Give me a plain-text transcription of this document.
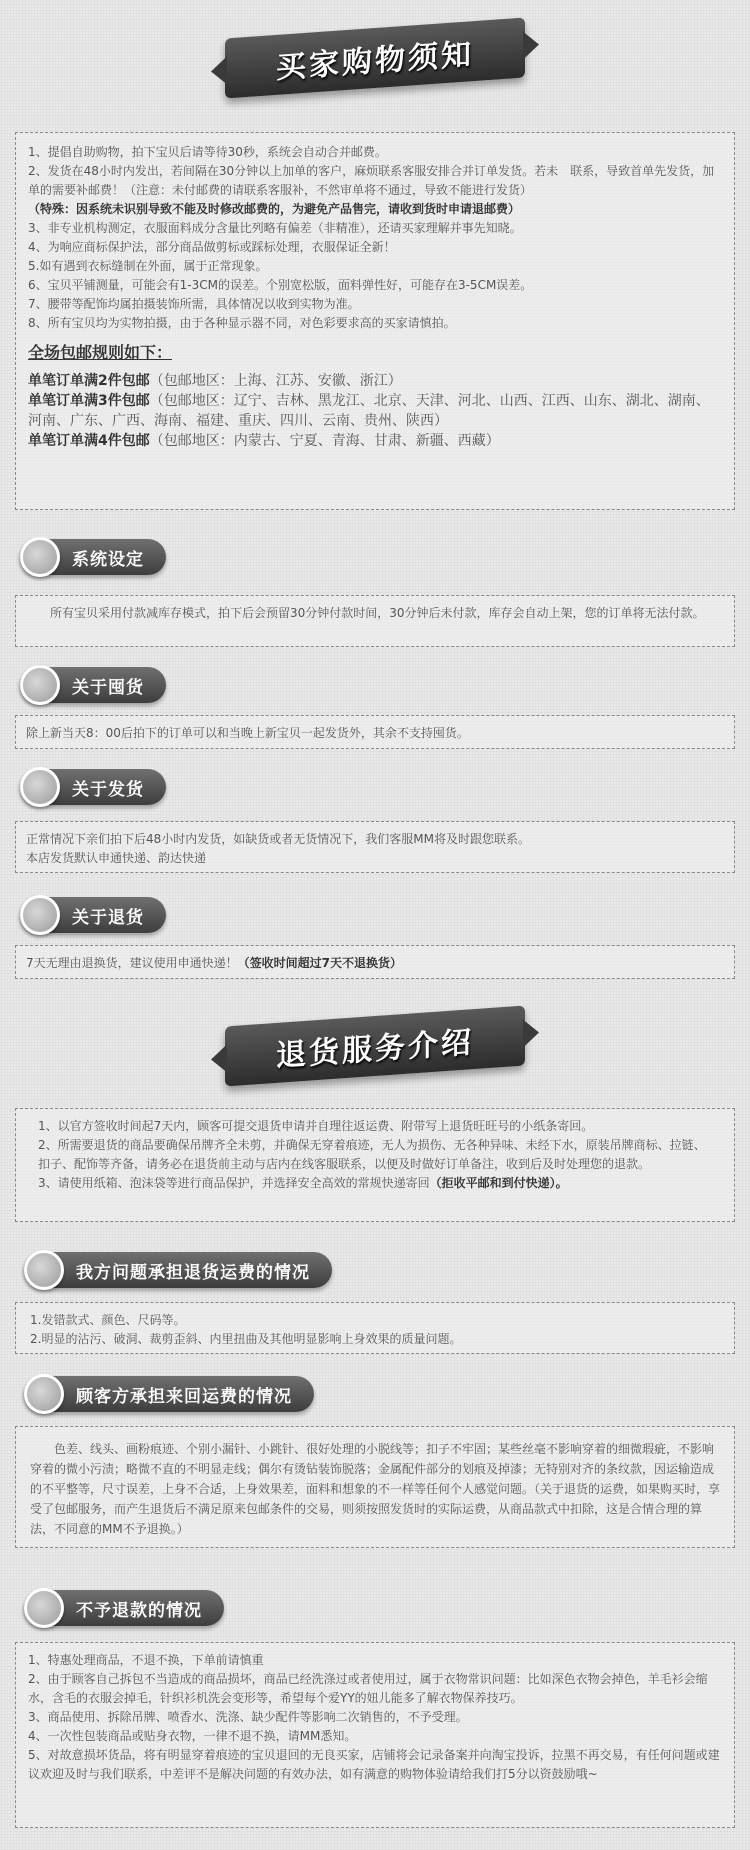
买家购物须知

1、提倡自助购物，拍下宝贝后请等待30秒，系统会自动合并邮费。

2、发货在48小时内发出，若间隔在30分钟以上加单的客户，麻烦联系客服安排合并订单发货。若未　联系，导致首单先发货，加单的需要补邮费！（注意：未付邮费的请联系客服补，不然审单将不通过，导致不能进行发货）

（特殊：因系统未识别导致不能及时修改邮费的，为避免产品售完，请收到货时申请退邮费）

3、非专业机构测定，衣服面料成分含量比列略有偏差（非精准），还请买家理解并事先知晓。

4、为响应商标保护法，部分商品做剪标或踩标处理，衣服保证全新！

5.如有遇到衣标缝制在外面，属于正常现象。

6、宝贝平铺测量，可能会有1-3CM的误差。个别宽松版，面料弹性好，可能存在3-5CM误差。

7、腰带等配饰均属拍摄装饰所需，具体情况以收到实物为准。

8、所有宝贝均为实物拍摄，由于各种显示器不同，对色彩要求高的买家请慎拍。

全场包邮规则如下：

单笔订单满2件包邮（包邮地区：上海、江苏、安徽、浙江）

单笔订单满3件包邮（包邮地区：辽宁、吉林、黑龙江、北京、天津、河北、山西、江西、山东、湖北、湖南、河南、广东、广西、海南、福建、重庆、四川、云南、贵州、陕西）

单笔订单满4件包邮（包邮地区：内蒙古、宁夏、青海、甘肃、新疆、西藏）

系统设定

所有宝贝采用付款减库存模式，拍下后会预留30分钟付款时间，30分钟后未付款，库存会自动上架，您的订单将无法付款。

关于囤货

除上新当天8：00后拍下的订单可以和当晚上新宝贝一起发货外，其余不支持囤货。

关于发货

正常情况下亲们拍下后48小时内发货，如缺货或者无货情况下，我们客服MM将及时跟您联系。

本店发货默认申通快递、韵达快递

关于退货

7天无理由退换货，建议使用申通快递！（签收时间超过7天不退换货）

退货服务介绍

1、以官方签收时间起7天内，顾客可提交退货申请并自理往返运费、附带写上退货旺旺号的小纸条寄回。

2、所需要退货的商品要确保吊牌齐全未剪，并确保无穿着痕迹，无人为损伤、无各种异味、未经下水，原装吊牌商标、拉链、扣子、配饰等齐备，请务必在退货前主动与店内在线客服联系，以便及时做好订单备注，收到后及时处理您的退款。

3、请使用纸箱、泡沫袋等进行商品保护，并选择安全高效的常规快递寄回（拒收平邮和到付快递）。

我方问题承担退货运费的情况

1.发错款式、颜色、尺码等。

2.明显的沾污、破洞、裁剪歪斜、内里扭曲及其他明显影响上身效果的质量问题。

顾客方承担来回运费的情况

色差、线头、画粉痕迹、个别小漏针、小跳针、很好处理的小脱线等；扣子不牢固；某些丝毫不影响穿着的细微瑕疵，不影响穿着的微小污渍；略微不直的不明显走线；偶尔有烫钻装饰脱落；金属配件部分的划痕及掉漆；无特别对齐的条纹款，因运输造成的不平整等，尺寸误差，上身不合适，上身效果差，面料和想象的不一样等任何个人感觉问题。（关于退货的运费，如果购买时，享受了包邮服务，而产生退货后不满足原来包邮条件的交易，则须按照发货时的实际运费，从商品款式中扣除，这是合情合理的算法，不同意的MM不予退换。）

不予退款的情况

1、特惠处理商品，不退不换，下单前请慎重

2、由于顾客自己拆包不当造成的商品损坏，商品已经洗涤过或者使用过，属于衣物常识问题：比如深色衣物会掉色，羊毛衫会缩水，含毛的衣服会掉毛，针织衫机洗会变形等，希望每个爱YY的妞儿能多了解衣物保养技巧。

3、商品使用、拆除吊牌、喷香水、洗涤、缺少配件等影响二次销售的，不予受理。

4、一次性包装商品或贴身衣物，一律不退不换，请MM悉知。

5、对故意损坏货品，将有明显穿着痕迹的宝贝退回的无良买家，店铺将会记录备案并向淘宝投诉，拉黑不再交易，有任何问题或建议欢迎及时与我们联系，中差评不是解决问题的有效办法，如有满意的购物体验请给我们打5分以资鼓励哦~
